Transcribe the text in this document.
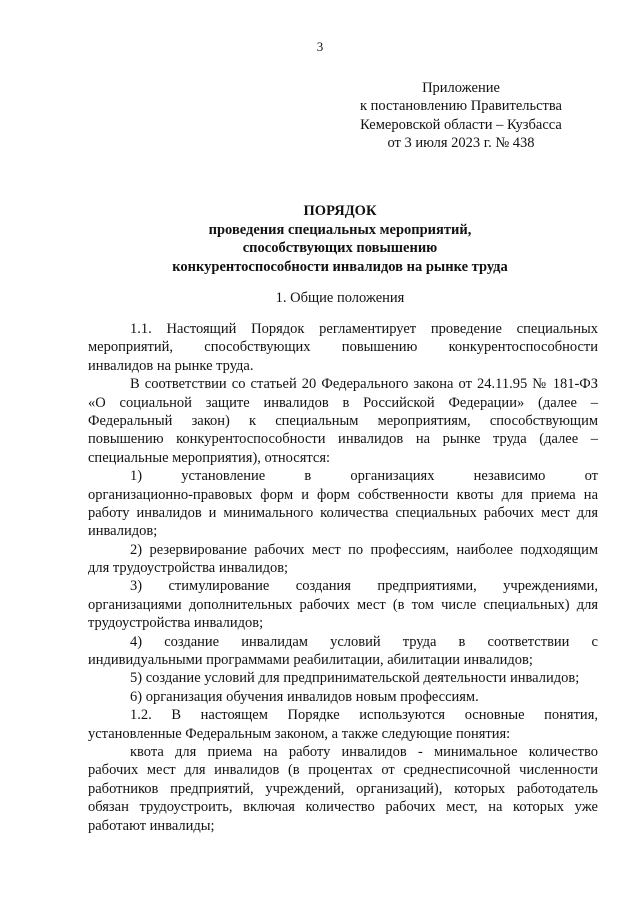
3
Приложение
к постановлению Правительства
Кемеровской области – Кузбасса
от 3 июля 2023 г. № 438
ПОРЯДОК
проведения специальных мероприятий,
способствующих повышению
конкурентоспособности инвалидов на рынке труда
1. Общие положения
1.1. Настоящий Порядок регламентирует проведение специальных
мероприятий, способствующих повышению конкурентоспособности
инвалидов на рынке труда.
В соответствии со статьей 20 Федерального закона от 24.11.95 № 181-ФЗ
«О социальной защите инвалидов в Российской Федерации» (далее –
Федеральный закон) к специальным мероприятиям, способствующим
повышению конкурентоспособности инвалидов на рынке труда (далее –
специальные мероприятия), относятся:
1) установление в организациях независимо от
организационно-правовых форм и форм собственности квоты для приема на
работу инвалидов и минимального количества специальных рабочих мест для
инвалидов;
2) резервирование рабочих мест по профессиям, наиболее подходящим
для трудоустройства инвалидов;
3) стимулирование создания предприятиями, учреждениями,
организациями дополнительных рабочих мест (в том числе специальных) для
трудоустройства инвалидов;
4) создание инвалидам условий труда в соответствии с
индивидуальными программами реабилитации, абилитации инвалидов;
5) создание условий для предпринимательской деятельности инвалидов;
6) организация обучения инвалидов новым профессиям.
1.2. В настоящем Порядке используются основные понятия,
установленные Федеральным законом, а также следующие понятия:
квота для приема на работу инвалидов - минимальное количество
рабочих мест для инвалидов (в процентах от среднесписочной численности
работников предприятий, учреждений, организаций), которых работодатель
обязан трудоустроить, включая количество рабочих мест, на которых уже
работают инвалиды;
